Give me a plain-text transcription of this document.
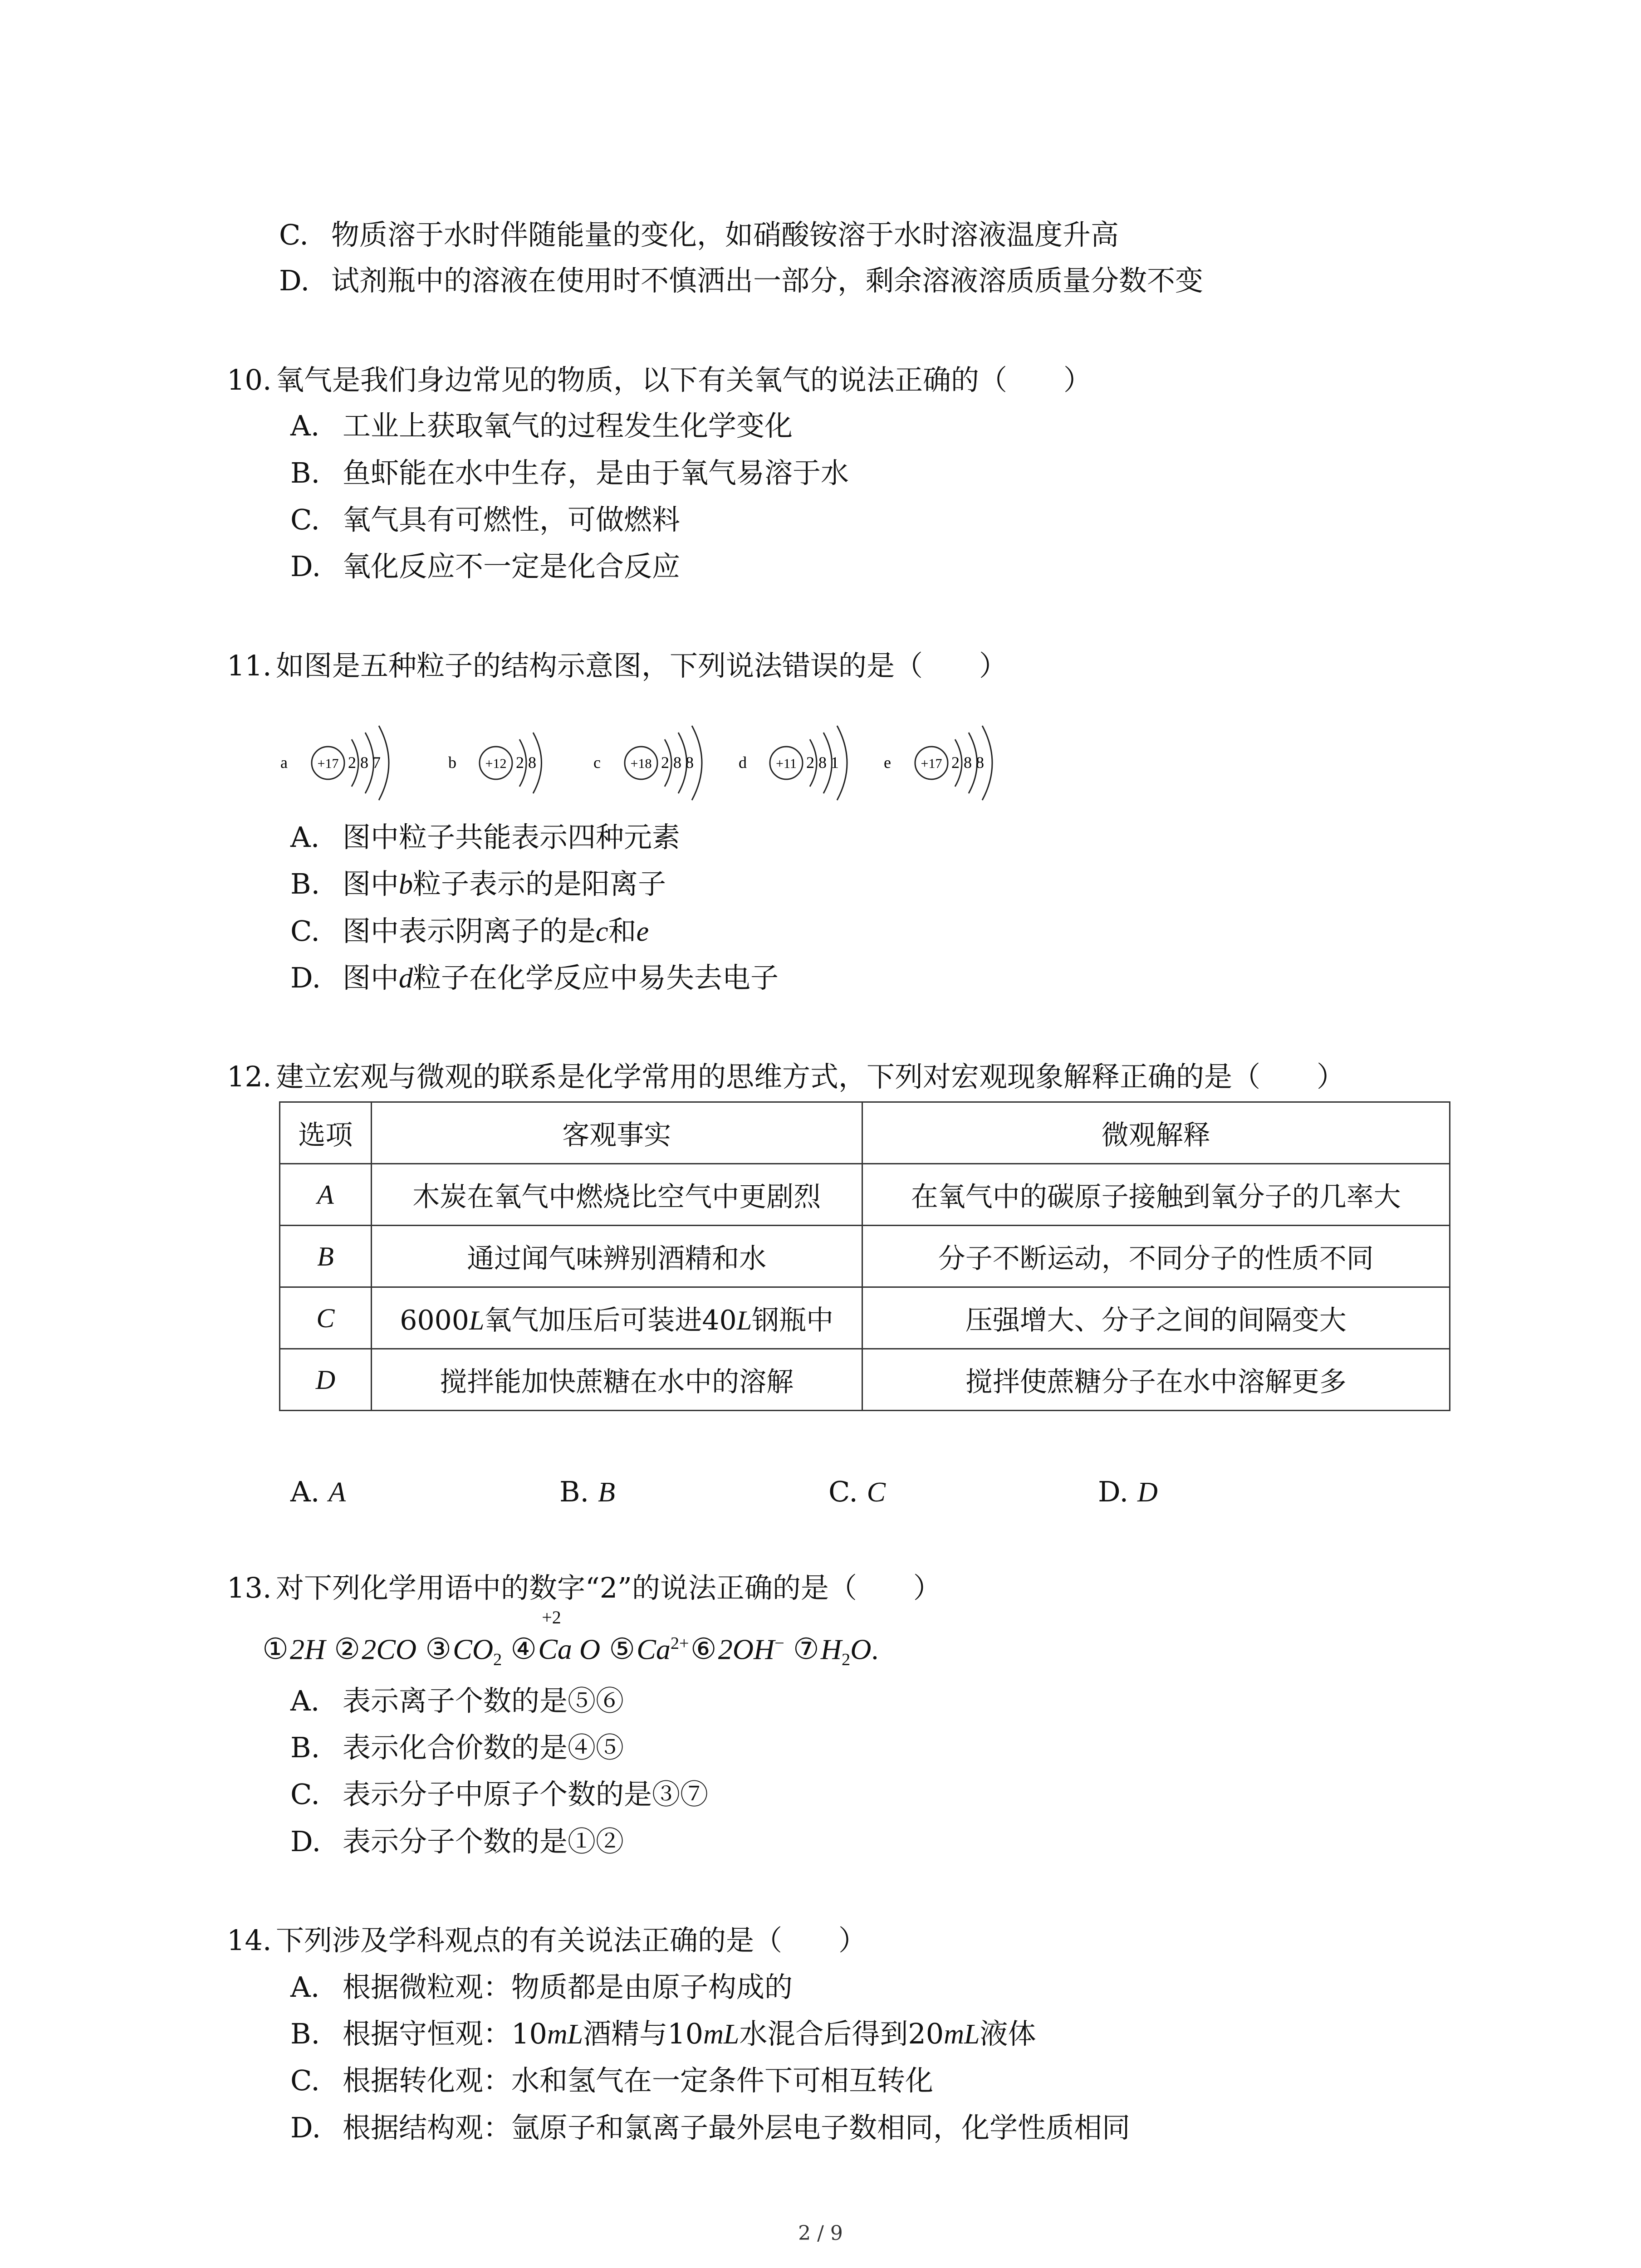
C. 物质溶于水时伴随能量的变化，如硝酸铵溶于水时溶液温度升高
D. 试剂瓶中的溶液在使用时不慎洒出一部分，剩余溶液溶质质量分数不变
10. 氧气是我们身边常见的物质，以下有关氧气的说法正确的（　　）
A. 工业上获取氧气的过程发生化学变化
B. 鱼虾能在水中生存，是由于氧气易溶于水
C. 氧气具有可燃性，可做燃料
D. 氧化反应不一定是化合反应
11. 如图是五种粒子的结构示意图，下列说法错误的是（　　）
a +17 2 8 7	b +12 2 8	c +18 2 8 8	d +11 2 8 1	e +17 2 8 8
A. 图中粒子共能表示四种元素
B. 图中b粒子表示的是阳离子
C. 图中表示阴离子的是c和e
D. 图中d粒子在化学反应中易失去电子
12. 建立宏观与微观的联系是化学常用的思维方式，下列对宏观现象解释正确的是（　　）
选项	客观事实	微观解释
A	木炭在氧气中燃烧比空气中更剧烈	在氧气中的碳原子接触到氧分子的几率大
B	通过闻气味辨别酒精和水	分子不断运动，不同分子的性质不同
C	6000L氧气加压后可装进40L钢瓶中	压强增大、分子之间的间隔变大
D	搅拌能加快蔗糖在水中的溶解	搅拌使蔗糖分子在水中溶解更多
A. A	B. B	C. C	D. D
13. 对下列化学用语中的数字“2”的说法正确的是（　　）
①2H ②2CO $③CO_2$ ④
+2
Ca O $⑤Ca^{2+}⑥2OH^-$ $⑦H_2O$.
A. 表示离子个数的是⑤⑥
B. 表示化合价数的是④⑤
C. 表示分子中原子个数的是③⑦
D. 表示分子个数的是①②
14. 下列涉及学科观点的有关说法正确的是（　　）
A. 根据微粒观：物质都是由原子构成的
B. 根据守恒观：10mL酒精与10mL水混合后得到20mL液体
C. 根据转化观：水和氢气在一定条件下可相互转化
D. 根据结构观：氩原子和氯离子最外层电子数相同，化学性质相同
2 / 9
